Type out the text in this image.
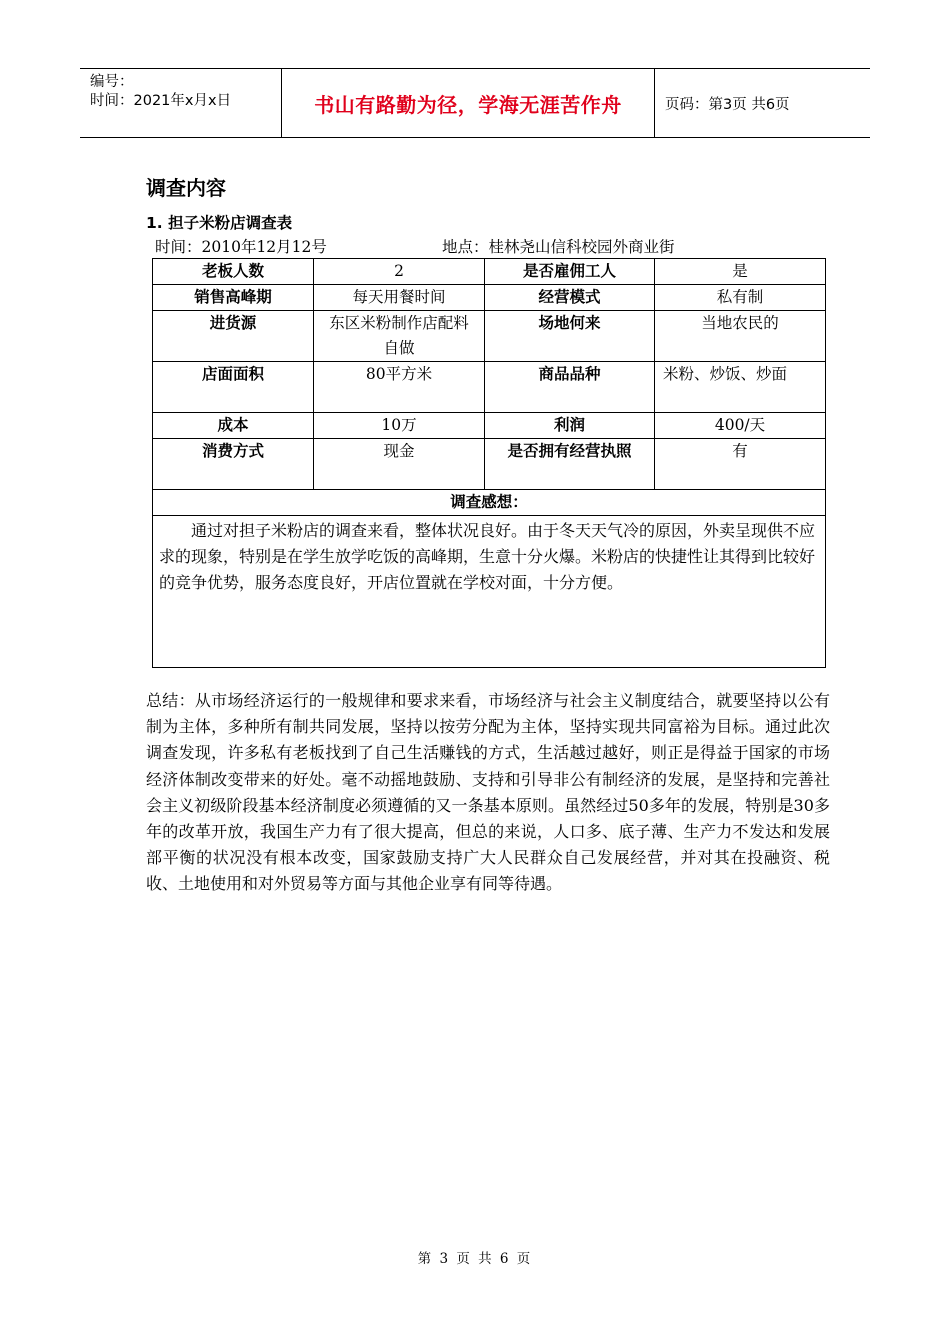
编号：
时间：2021年x月x日	书山有路勤为径，学海无涯苦作舟	页码：第3页 共6页
调查内容
1. 担子米粉店调查表
时间：2010年12月12号	地点：桂林尧山信科校园外商业街
老板人数	2	是否雇佣工人	是
销售高峰期	每天用餐时间	经营模式	私有制
进货源	东区米粉制作店配料自做	场地何来	当地农民的
店面面积	80平方米	商品品种	米粉、炒饭、炒面
成本	10万	利润	400/天
消费方式	现金	是否拥有经营执照	有
调查感想：			
通过对担子米粉店的调查来看，整体状况良好。由于冬天天气冷的原因，外卖呈现供不应求的现象，特别是在学生放学吃饭的高峰期，生意十分火爆。米粉店的快捷性让其得到比较好的竞争优势，服务态度良好，开店位置就在学校对面，十分方便。			
总结：从市场经济运行的一般规律和要求来看，市场经济与社会主义制度结合，就要坚持以公有制为主体，多种所有制共同发展，坚持以按劳分配为主体，坚持实现共同富裕为目标。通过此次调查发现，许多私有老板找到了自己生活赚钱的方式，生活越过越好，则正是得益于国家的市场经济体制改变带来的好处。毫不动摇地鼓励、支持和引导非公有制经济的发展，是坚持和完善社会主义初级阶段基本经济制度必须遵循的又一条基本原则。虽然经过50多年的发展，特别是30多年的改革开放，我国生产力有了很大提高，但总的来说，人口多、底子薄、生产力不发达和发展部平衡的状况没有根本改变，国家鼓励支持广大人民群众自己发展经营，并对其在投融资、税收、土地使用和对外贸易等方面与其他企业享有同等待遇。
第 3 页 共 6 页
